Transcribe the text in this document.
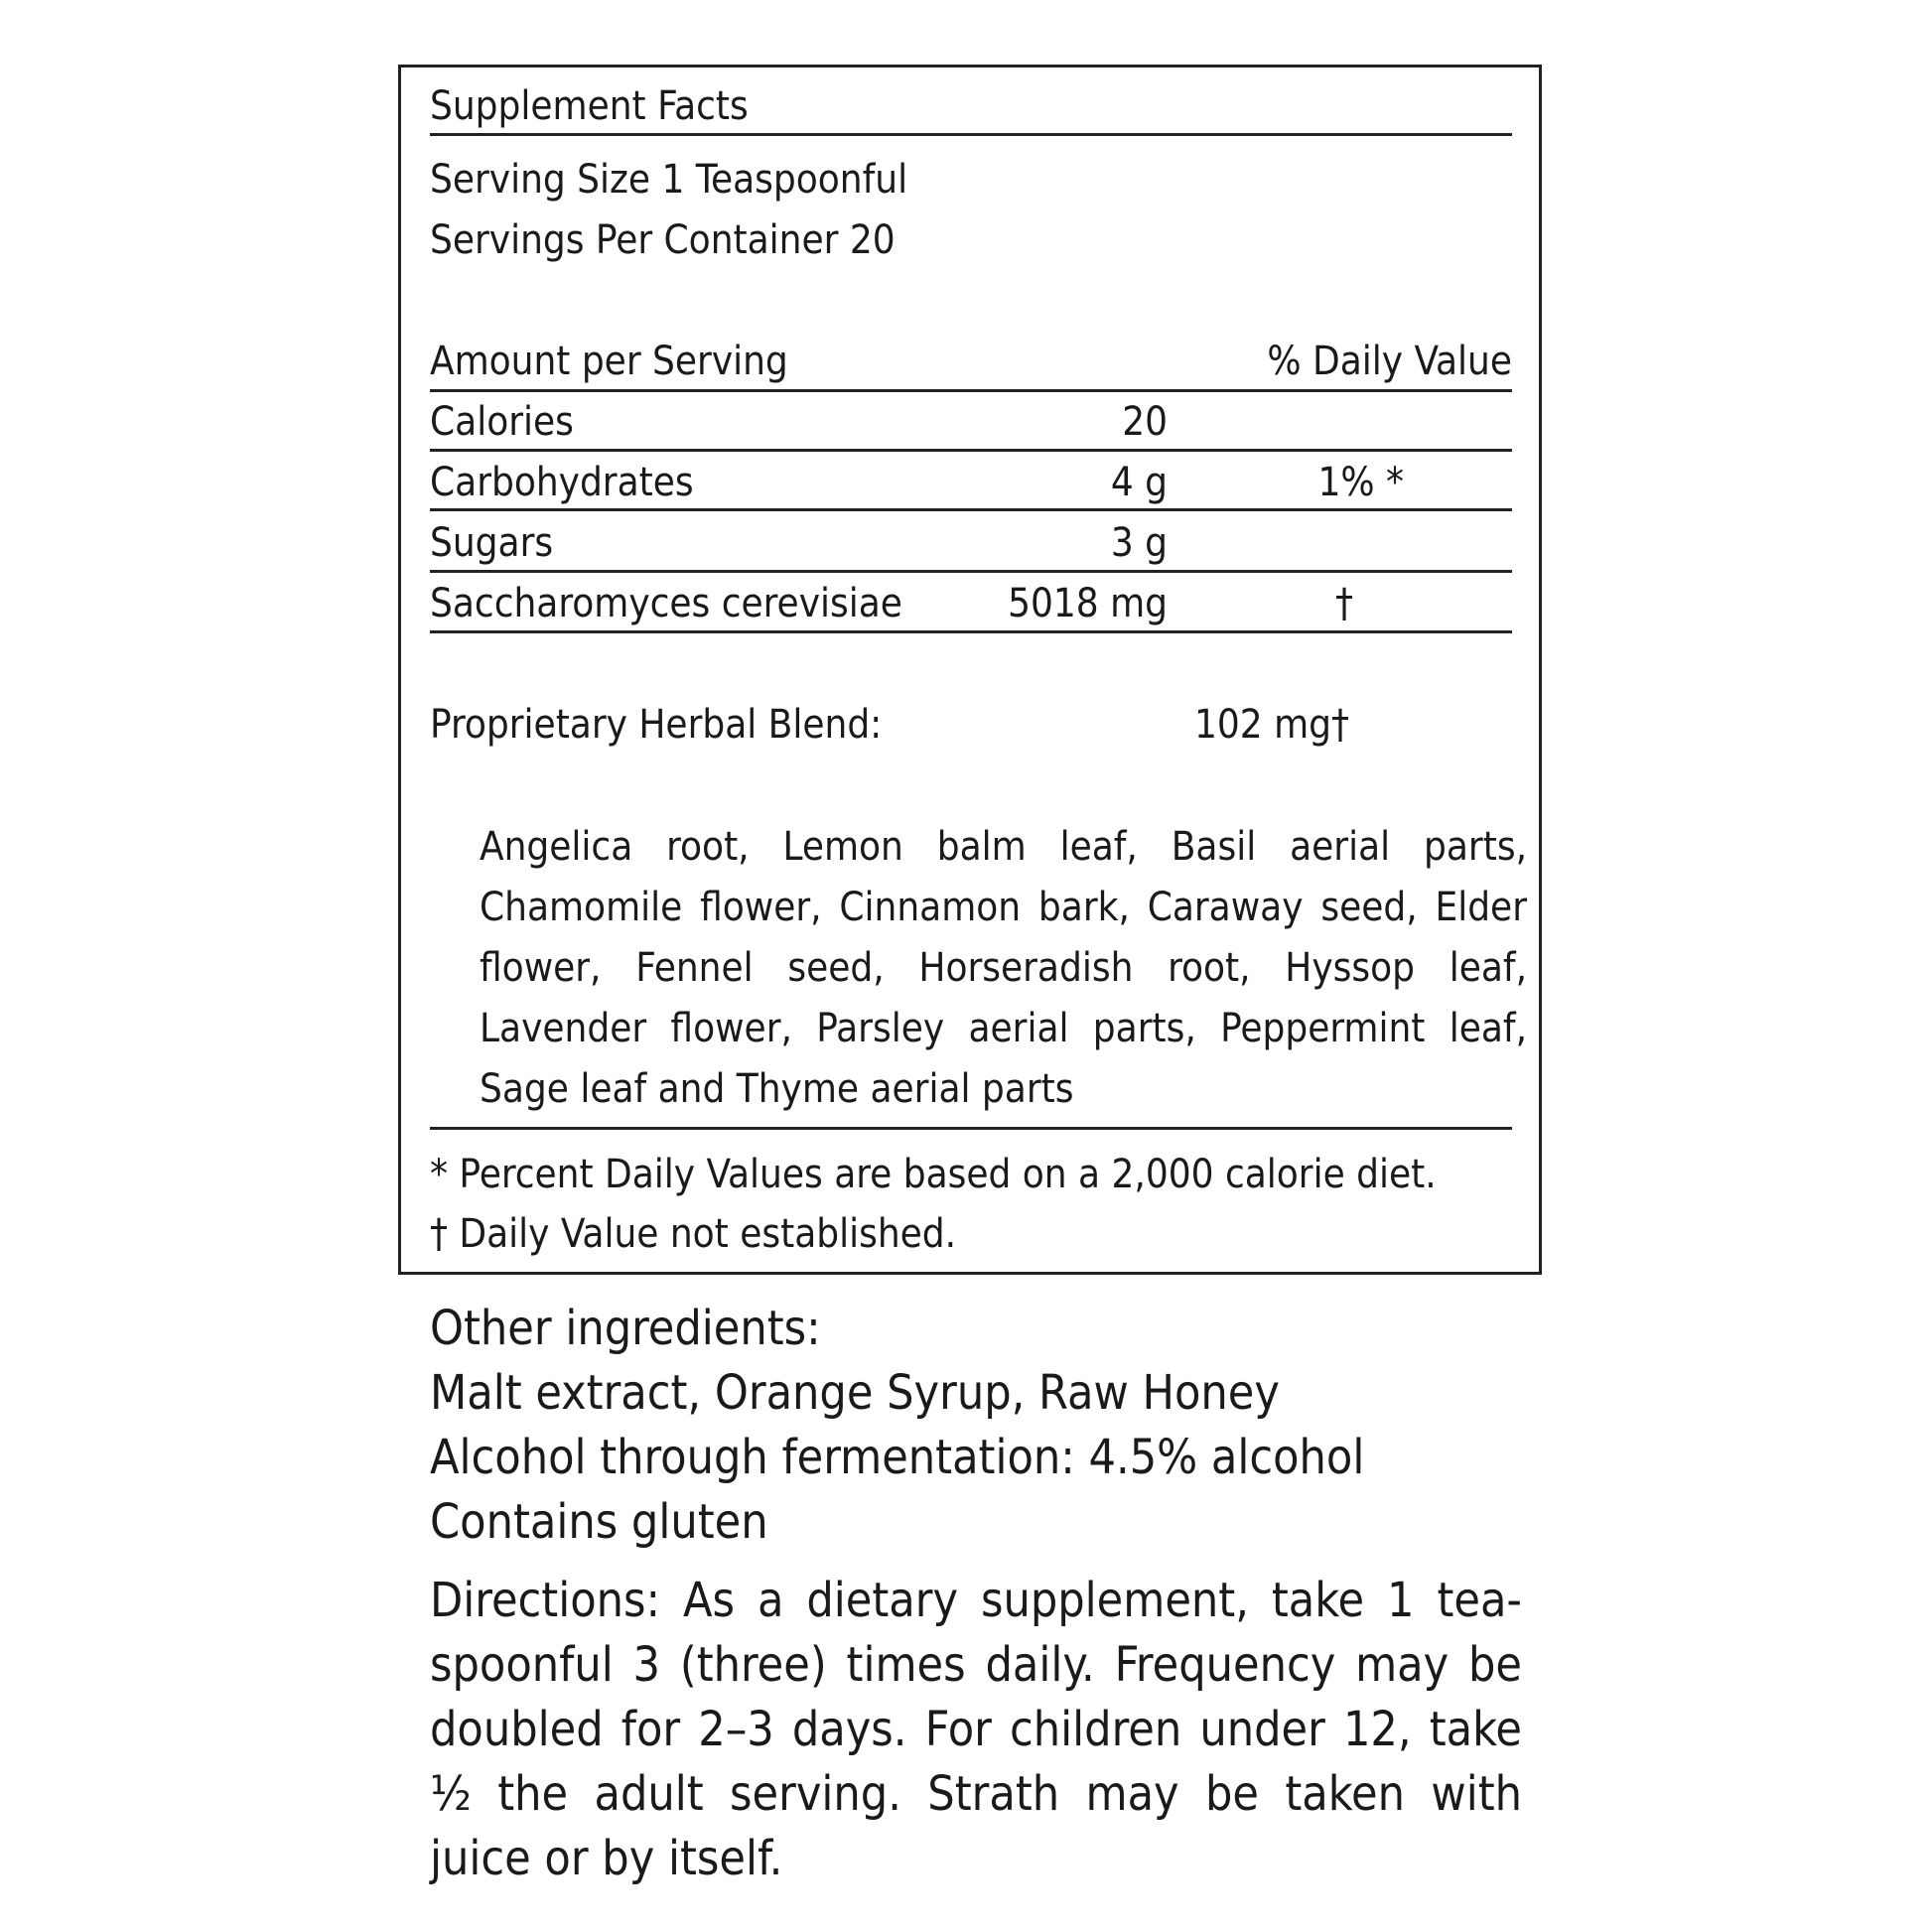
Supplement Facts
Serving Size 1 Teaspoonful
Servings Per Container 20
Amount per Serving	% Daily Value
Calories	20
Carbohydrates	4 g	1% *
Sugars	3 g
Saccharomyces cerevisiae	5018 mg	†
Proprietary Herbal Blend:	102 mg†
Angelica root, Lemon balm leaf, Basil aerial parts, Chamomile flower, Cinnamon bark, Caraway seed, Elder flower, Fennel seed, Horseradish root, Hyssop leaf, Lavender flower, Parsley aerial parts, Peppermint leaf, Sage leaf and Thyme aerial parts
* Percent Daily Values are based on a 2,000 calorie diet.
† Daily Value not established.
Other ingredients:
Malt extract, Orange Syrup, Raw Honey
Alcohol through fermentation: 4.5% alcohol
Contains gluten
Directions: As a dietary supplement, take 1 teaspoonful 3 (three) times daily. Frequency may be doubled for 2–3 days. For children under 12, take ½ the adult serving. Strath may be taken with juice or by itself.
